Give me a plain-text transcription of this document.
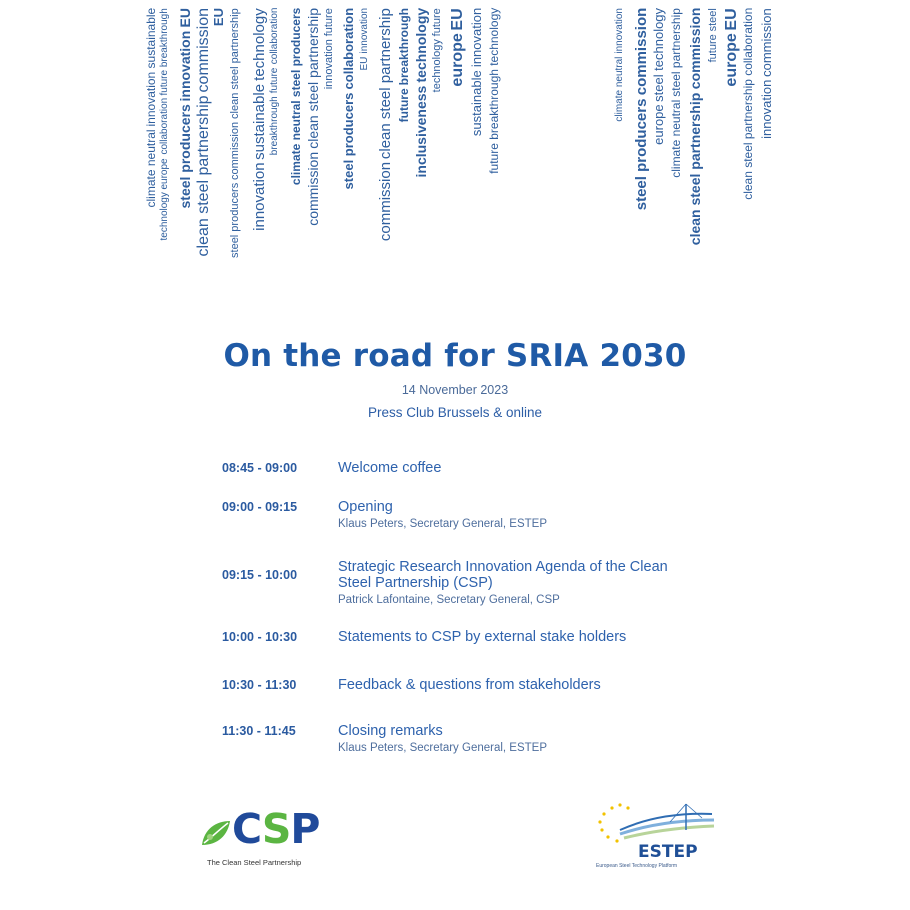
climate neutralinnovationsustainable
technologyeuropecollaborationfuture breakthrough
steel producersinnovationEU
clean steel partnershipcommission EU
steel producerscommissionclean steel partnership
innovationsustainabletechnology
breakthroughfuturecollaboration
climate neutralsteel producers
commissionclean steel partnership innovationfuture
steel producerscollaboration EUinnovation
commissionclean steel partnership futurebreakthrough
inclusivenesstechnology technologyfuture
europeEU
sustainableinnovation
future breakthroughtechnology
climate neutralinnovation
steel producerscommission
europesteeltechnology
climate neutralsteel partnership
clean steel partnershipcommission futuresteel
europeEU
clean steel partnershipcollaboration
innovationcommission
On the road for SRIA 2030
14 November 2023
Press Club Brussels & online
08:45 - 09:00	Welcome coffee
09:00 - 09:15	Opening
Klaus Peters, Secretary General, ESTEP
09:15 - 10:00	Strategic Research Innovation Agenda of the Clean Steel Partnership (CSP)
Patrick Lafontaine, Secretary General, CSP
10:00 - 10:30	Statements to CSP by external stake holders
10:30 - 11:30	Feedback & questions from stakeholders
11:30 - 11:45	Closing remarks
Klaus Peters, Secretary General, ESTEP
CSP
The Clean Steel Partnership
ESTEP
European Steel Technology Platform
